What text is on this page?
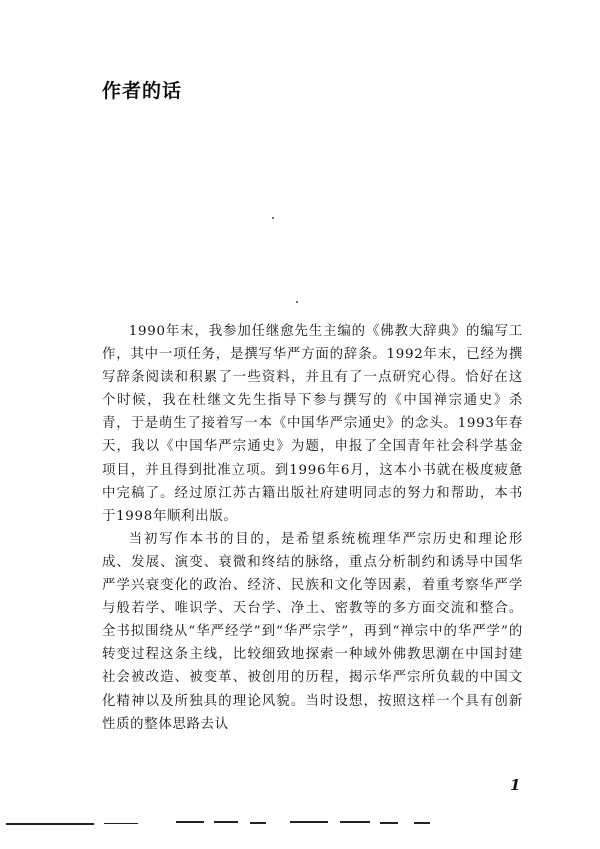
作者的话

1990年末，我参加任继愈先生主编的《佛教大辞典》的编写工作，其中一项任务，是撰写华严方面的辞条。1992年末，已经为撰写辞条阅读和积累了一些资料，并且有了一点研究心得。恰好在这个时候，我在杜继文先生指导下参与撰写的《中国禅宗通史》杀青，于是萌生了接着写一本《中国华严宗通史》的念头。1993年春天，我以《中国华严宗通史》为题，申报了全国青年社会科学基金项目，并且得到批准立项。到1996年6月，这本小书就在极度疲惫中完稿了。经过原江苏古籍出版社府建明同志的努力和帮助，本书于1998年顺利出版。

当初写作本书的目的，是希望系统梳理华严宗历史和理论形成、发展、演变、衰微和终结的脉络，重点分析制约和诱导中国华严学兴衰变化的政治、经济、民族和文化等因素，着重考察华严学与般若学、唯识学、天台学、净土、密教等的多方面交流和整合。全书拟围绕从“华严经学”到“华严宗学”，再到“禅宗中的华严学”的转变过程这条主线，比较细致地探索一种域外佛教思潮在中国封建社会被改造、被变革、被创用的历程，揭示华严宗所负载的中国文化精神以及所独具的理论风貌。当时设想，按照这样一个具有创新性质的整体思路去认

1
